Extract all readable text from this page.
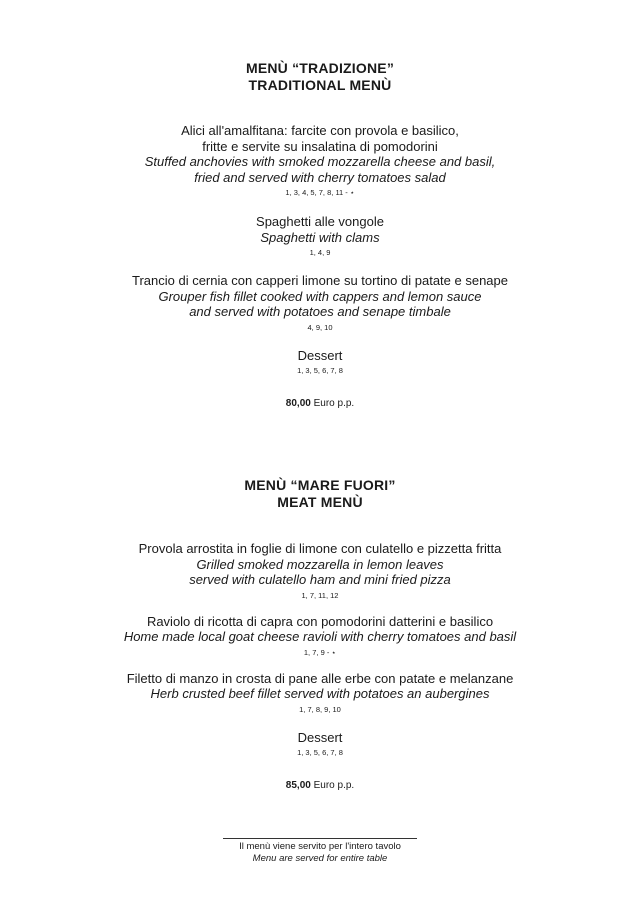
MENÙ “TRADIZIONE”
TRADITIONAL MENÙ
Alici all'amalfitana: farcite con provola e basilico,
fritte e servite su insalatina di pomodorini
Stuffed anchovies with smoked mozzarella cheese and basil,
fried and served with cherry tomatoes salad
1, 3, 4, 5, 7, 8, 11 - ⋆
Spaghetti alle vongole
Spaghetti with clams
1, 4, 9
Trancio di cernia con capperi limone su tortino di patate e senape
Grouper fish fillet cooked with cappers and lemon sauce
and served with potatoes and senape timbale
4, 9, 10
Dessert
1, 3, 5, 6, 7, 8
80,00 Euro p.p.
MENÙ “MARE FUORI”
MEAT MENÙ
Provola arrostita in foglie di limone con culatello e pizzetta fritta
Grilled smoked mozzarella in lemon leaves
served with culatello ham and mini fried pizza
1, 7, 11, 12
Raviolo di ricotta di capra con pomodorini datterini e basilico
Home made local goat cheese ravioli with cherry tomatoes and basil
1, 7, 9 - ⋆
Filetto di manzo in crosta di pane alle erbe con patate e melanzane
Herb crusted beef fillet served with potatoes an aubergines
1, 7, 8, 9, 10
Dessert
1, 3, 5, 6, 7, 8
85,00 Euro p.p.
Il menù viene servito per l'intero tavolo
Menu are served for entire table
